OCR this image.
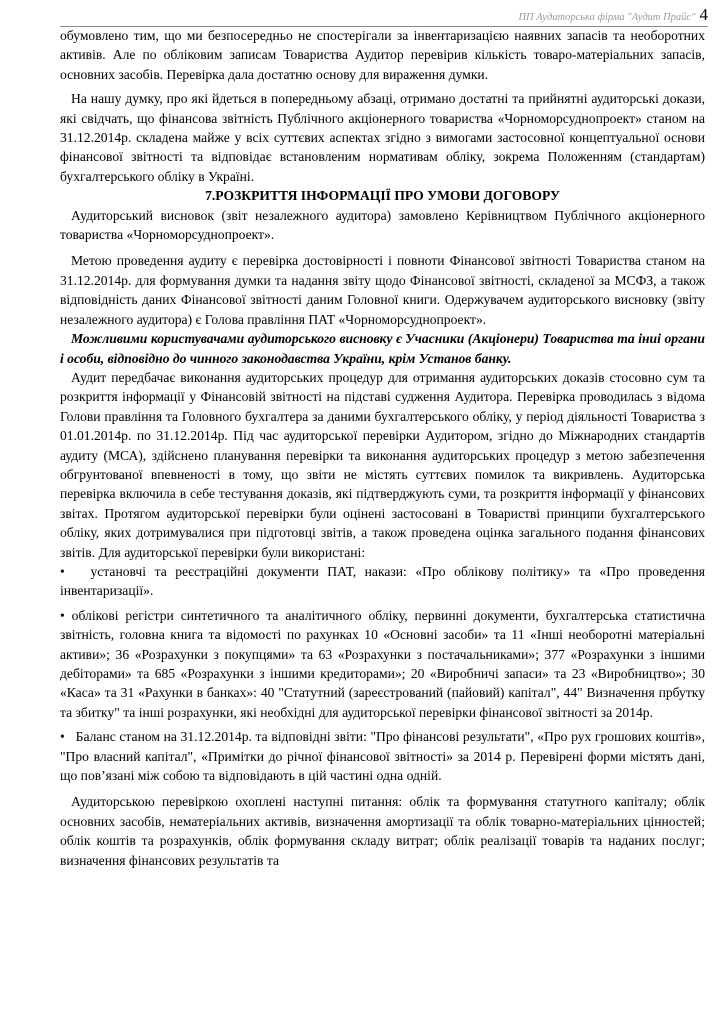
ПП Аудиторська фірма "Аудит Прайс" 4

обумовлено тим, що ми безпосередньо не спостерігали за інвентаризацією наявних запасів та необоротних активів. Але по обліковим записам Товариства Аудитор перевірив кількість товаро-матеріальних запасів, основних засобів. Перевірка дала достатню основу для вираження думки.

На нашу думку, про які йдеться в попередньому абзаці, отримано достатні та прийнятні аудиторські докази, які свідчать, що фінансова звітність Публічного акціонерного товариства «Чорноморсуднопроект» станом на 31.12.2014р. складена майже у всіх суттєвих аспектах згідно з вимогами застосовної концептуальної основи фінансової звітності та відповідає встановленим нормативам обліку, зокрема Положенням (стандартам) бухгалтерського обліку в Україні.

7.РОЗКРИТТЯ ІНФОРМАЦІЇ ПРО УМОВИ ДОГОВОРУ

Аудиторський висновок (звіт незалежного аудитора) замовлено Керівництвом Публічного акціонерного товариства «Чорноморсуднопроект».

Метою проведення аудиту є перевірка достовірності і повноти Фінансової звітності Товариства станом на 31.12.2014р. для формування думки та надання звіту щодо Фінансової звітності, складеної за МСФЗ, а також відповідність даних Фінансової звітності даним Головної книги. Одержувачем аудиторського висновку (звіту незалежного аудитора) є Голова правління ПАТ «Чорноморсуднопроект».

Можливими користувачами аудиторського висновку є Учасники (Акціонери) Товариства та іниі органи і особи, відповідно до чинного законодавства України, крім Установ банку.

Аудит передбачає виконання аудиторських процедур для отримання аудиторських доказів стосовно сум та розкриття інформації у Фінансовій звітності на підставі судження Аудитора. Перевірка проводилась з відома Голови правління та Головного бухгалтера за даними бухгалтерського обліку, у період діяльності Товариства з 01.01.2014р. по 31.12.2014р. Під час аудиторської перевірки Аудитором, згідно до Міжнародних стандартів аудиту (МСА), здійснено планування перевірки та виконання аудиторських процедур з метою забезпечення обгрунтованої впевненості в тому, що звіти не містять суттєвих помилок та викривлень. Аудиторська перевірка включила в себе тестування доказів, які підтверджують суми, та розкриття інформації у фінансових звітах. Протягом аудиторської перевірки були оцінені застосовані в Товаристві принципи бухгалтерського обліку, яких дотримувалися при підготовці звітів, а також проведена оцінка загального подання фінансових звітів. Для аудиторської перевірки були використані:

• установчі та реєстраційні документи ПАТ, накази: «Про облікову політику» та «Про проведення інвентаризації».

• облікові регістри синтетичного та аналітичного обліку, первинні документи, бухгалтерська статистична звітність, головна книга та відомості по рахунках 10 «Основні засоби» та 11 «Інші необоротні матеріальні активи»; 36 «Розрахунки з покупцями» та 63 «Розрахунки з постачальниками»; 377 «Розрахунки з іншими дебіторами» та 685 «Розрахунки з іншими кредиторами»; 20 «Виробничі запаси» та 23 «Виробництво»; 30 «Каса» та 31 «Рахунки в банках»: 40 "Статутний (зареєстрований (пайовий) капітал", 44" Визначення прбутку та збитку" та інші розрахунки, які необхідні для аудиторської перевірки фінансової звітності за 2014р.

• Баланс станом на 31.12.2014р. та відповідні звіти: "Про фінансові результати", «Про рух грошових коштів», "Про власний капітал", «Примітки до річної фінансової звітності» за 2014 р. Перевірені форми містять дані, що пов’язані між собою та відповідають в цій частині одна одній.

Аудиторською перевіркою охоплені наступні питання: облік та формування статутного капіталу; облік основних засобів, нематеріальних активів, визначення амортизації та облік товарно-матеріальних цінностей; облік коштів та розрахунків, облік формування складу витрат; облік реалізації товарів та наданих послуг; визначення фінансових результатів та
